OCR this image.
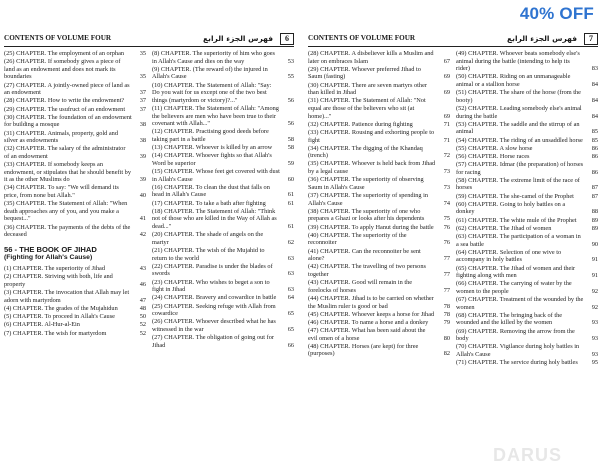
40% OFF
CONTENTS OF VOLUME FOUR	فهرس الجزء الرابع	6
(25) CHAPTER. The employment of an orphan	35
(26) CHAPTER. If somebody gives a piece of land as an endowment and does not mark its boundaries	35
(27) CHAPTER. A jointly-owned piece of land as an endowment	37
(28) CHAPTER. How to write the endowment?	37
(29) CHAPTER. The usufruct of an endowment	37
(30) CHAPTER. The foundation of an endowment for building a mosque	38
(31) CHAPTER. Animals, property, gold and silver as endowments	38
(32) CHAPTER. The salary of the administrator of an endowment	39
(33) CHAPTER. If somebody keeps an endowment, or stipulates that he should benefit by it as the other Muslims do	39
(34) CHAPTER. To say: "We will demand its price, from none but Allah."	40
(35) CHAPTER. The Statement of Allah: "When death approaches any of you, and you make a bequest..."	41
(36) CHAPTER. The payments of the debts of the deceased	42
56 - THE BOOK OF JIHAD
(Fighting for Allah's Cause)
(1) CHAPTER. The superiority of Jihad	43
(2) CHAPTER. Striving with both, life and property	46
(3) CHAPTER. The invocation that Allah may let adorn with martyrdom	47
(4) CHAPTER. The grades of the Mujahidun	48
(5) CHAPTER. To proceed in Allah's Cause	50
(6) CHAPTER. Al-Hur-al-Ein	52
(7) CHAPTER. The wish for martyrdom	52
(8) CHAPTER. The superiority of him who goes in Allah's Cause and dies on the way	53
(9) CHAPTER. (The reward of) the injured in Allah's Cause	55
(10) CHAPTER. The Statement of Allah: "Say: Do you wait for us except one of the two best things (martyrdom or victory)?..."	56
(11) CHAPTER. The Statement of Allah: "Among the believers are men who have been true to their covenant with Allah..."	56
(12) CHAPTER. Practising good deeds before taking part in a battle	58
(13) CHAPTER. Whoever is killed by an arrow	58
(14) CHAPTER. Whoever fights so that Allah's Word be superior	59
(15) CHAPTER. Whose feet get covered with dust in Allah's Cause	60
(16) CHAPTER. To clean the dust that falls on head in Allah's Cause	61
(17) CHAPTER. To take a bath after fighting	61
(18) CHAPTER. The Statement of Allah: "Think not of those who are killed in the Way of Allah as dead..."	61
(20) CHAPTER. The shade of angels on the martyr	62
(21) CHAPTER. The wish of the Mujahid to return to the world	63
(22) CHAPTER. Paradise is under the blades of swords	63
(23) CHAPTER. Who wishes to beget a son to fight in Jihad	63
(24) CHAPTER. Bravery and cowardice in battle	64
(25) CHAPTER. Seeking refuge with Allah from cowardice	65
(26) CHAPTER. Whoever described what he has witnessed in the war	65
(27) CHAPTER. The obligation of going out for Jihad	66
CONTENTS OF VOLUME FOUR	فهرس الجزء الرابع	7
(28) CHAPTER. A disbeliever kills a Muslim and later on embraces Islam	67
(29) CHAPTER. Whoever preferred Jihad to Saum (fasting)	69
(30) CHAPTER. There are seven martyrs other than killed in Jihad	69
(31) CHAPTER. The Statement of Allah: "Not equal are those of the believers who sit (at home)..."	69
(32) CHAPTER. Patience during fighting	71
(33) CHAPTER. Rousing and exhorting people to fight	71
(34) CHAPTER. The digging of the Khandaq (trench)	72
(35) CHAPTER. Whoever is held back from Jihad by a legal cause	73
(36) CHAPTER. The superiority of observing Saum in Allah's Cause	73
(37) CHAPTER. The superiority of spending in Allah's Cause	74
(38) CHAPTER. The superiority of one who prepares a Ghazi or looks after his dependents	75
(39) CHAPTER. To apply Hanut during the battle	76
(40) CHAPTER. The superiority of the reconnoiter	76
(41) CHAPTER. Can the reconnoiter be sent alone?	77
(42) CHAPTER. The travelling of two persons together	77
(43) CHAPTER. Good will remain in the forelocks of horses	77
(44) CHAPTER. Jihad is to be carried on whether the Muslim ruler is good or bad	78
(45) CHAPTER. Whoever keeps a horse for Jihad	78
(46) CHAPTER. To name a horse and a donkey	79
(47) CHAPTER. What has been said about the evil omen of a horse	80
(48) CHAPTER. Horses (are kept) for three (purposes)	82
(49) CHAPTER. Whoever beats somebody else's animal during the battle (intending to help its rider)	83
(50) CHAPTER. Riding on an unmanageable animal or a stallion horse	84
(51) CHAPTER. The share of the horse (from the booty)	84
(52) CHAPTER. Leading somebody else's animal during the battle	84
(53) CHAPTER. The saddle and the stirrup of an animal	85
(54) CHAPTER. The riding of an unsaddled horse	85
(55) CHAPTER. A slow horse	86
(56) CHAPTER. Horse races	86
(57) CHAPTER. Idmar (the preparation) of horses for racing	86
(58) CHAPTER. The extreme limit of the race of horses	87
(59) CHAPTER. The she-camel of the Prophet	87
(60) CHAPTER. Going to holy battles on a donkey	88
(61) CHAPTER. The white mule of the Prophet	89
(62) CHAPTER. The Jihad of women	89
(63) CHAPTER. The participation of a woman in a sea battle	90
(64) CHAPTER. Selection of one wive to accompany in holy battles	91
(65) CHAPTER. The Jihad of women and their fighting along with men	91
(66) CHAPTER. The carrying of water by the women to the people	92
(67) CHAPTER. Treatment of the wounded by the women	92
(68) CHAPTER. The bringing back of the wounded and the killed by the women	93
(69) CHAPTER. Removing the arrow from the body	93
(70) CHAPTER. Vigilance during holy battles in Allah's Cause	93
(71) CHAPTER. The service during holy battles	95
DARUS
